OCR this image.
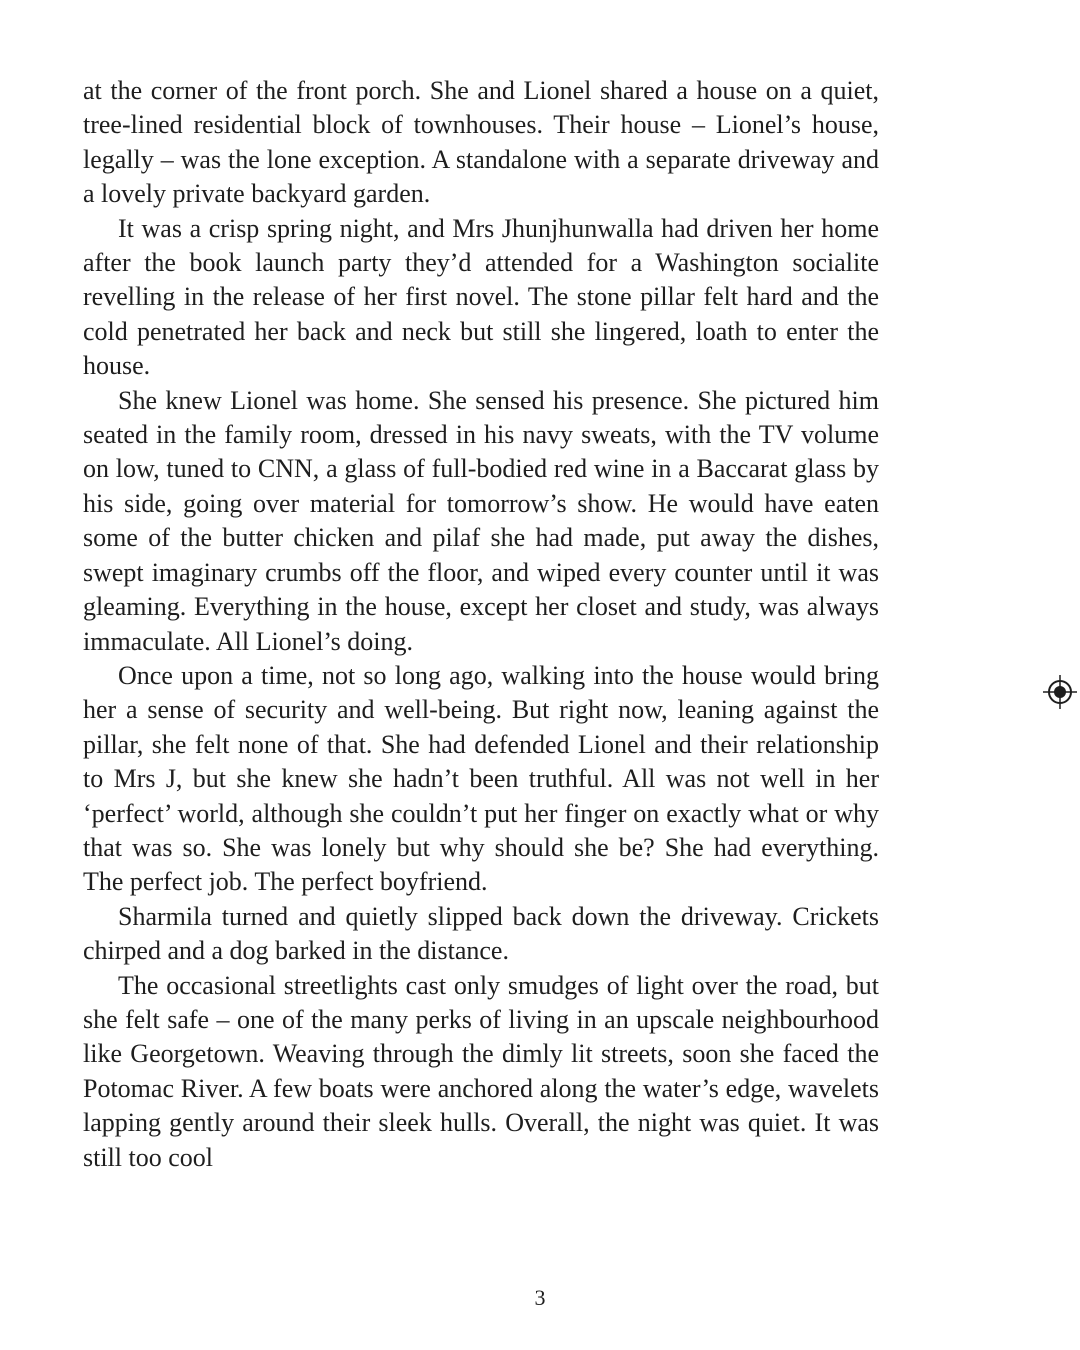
at the corner of the front porch. She and Lionel shared a house on a quiet, tree-lined residential block of townhouses. Their house – Lionel’s house, legally – was the lone exception. A standalone with a separate driveway and a lovely private backyard garden.

It was a crisp spring night, and Mrs Jhunjhunwalla had driven her home after the book launch party they’d attended for a Washington socialite revelling in the release of her first novel. The stone pillar felt hard and the cold penetrated her back and neck but still she lingered, loath to enter the house.

She knew Lionel was home. She sensed his presence. She pictured him seated in the family room, dressed in his navy sweats, with the TV volume on low, tuned to CNN, a glass of full-bodied red wine in a Baccarat glass by his side, going over material for tomorrow’s show. He would have eaten some of the butter chicken and pilaf she had made, put away the dishes, swept imaginary crumbs off the floor, and wiped every counter until it was gleaming. Everything in the house, except her closet and study, was always immaculate. All Lionel’s doing.

Once upon a time, not so long ago, walking into the house would bring her a sense of security and well-being. But right now, leaning against the pillar, she felt none of that. She had defended Lionel and their relationship to Mrs J, but she knew she hadn’t been truthful. All was not well in her ‘perfect’ world, although she couldn’t put her finger on exactly what or why that was so. She was lonely but why should she be? She had everything. The perfect job. The perfect boyfriend.

Sharmila turned and quietly slipped back down the driveway. Crickets chirped and a dog barked in the distance.

The occasional streetlights cast only smudges of light over the road, but she felt safe – one of the many perks of living in an upscale neighbourhood like Georgetown. Weaving through the dimly lit streets, soon she faced the Potomac River. A few boats were anchored along the water’s edge, wavelets lapping gently around their sleek hulls. Overall, the night was quiet. It was still too cool

3
